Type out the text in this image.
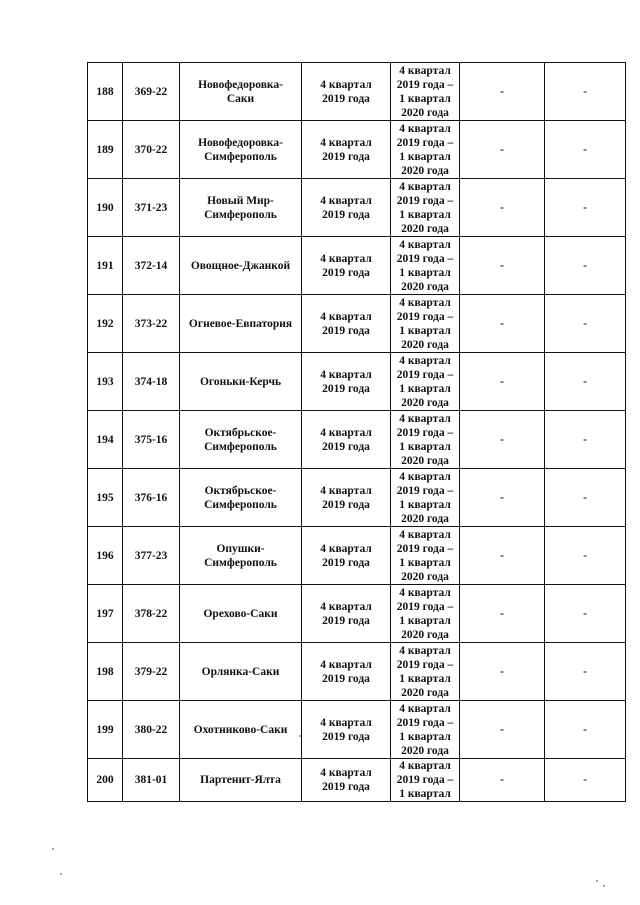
188	369-22	Новофедоровка-
Саки	4 квартал
2019 года	4 квартал
2019 года –
1 квартал
2020 года	-	-
189	370-22	Новофедоровка-
Симферополь	4 квартал
2019 года	4 квартал
2019 года –
1 квартал
2020 года	-	-
190	371-23	Новый Мир-
Симферополь	4 квартал
2019 года	4 квартал
2019 года –
1 квартал
2020 года	-	-
191	372-14	Овощное-Джанкой	4 квартал
2019 года	4 квартал
2019 года –
1 квартал
2020 года	-	-
192	373-22	Огневое-Евпатория	4 квартал
2019 года	4 квартал
2019 года –
1 квартал
2020 года	-	-
193	374-18	Огоньки-Керчь	4 квартал
2019 года	4 квартал
2019 года –
1 квартал
2020 года	-	-
194	375-16	Октябрьское-
Симферополь	4 квартал
2019 года	4 квартал
2019 года –
1 квартал
2020 года	-	-
195	376-16	Октябрьское-
Симферополь	4 квартал
2019 года	4 квартал
2019 года –
1 квартал
2020 года	-	-
196	377-23	Опушки-
Симферополь	4 квартал
2019 года	4 квартал
2019 года –
1 квартал
2020 года	-	-
197	378-22	Орехово-Саки	4 квартал
2019 года	4 квартал
2019 года –
1 квартал
2020 года	-	-
198	379-22	Орлянка-Саки	4 квартал
2019 года	4 квартал
2019 года –
1 квартал
2020 года	-	-
199	380-22	Охотниково-Саки	4 квартал
2019 года	4 квартал
2019 года –
1 квартал
2020 года	-	-
200	381-01	Партенит-Ялта	4 квартал
2019 года	4 квартал
2019 года –
1 квартал	-	-
